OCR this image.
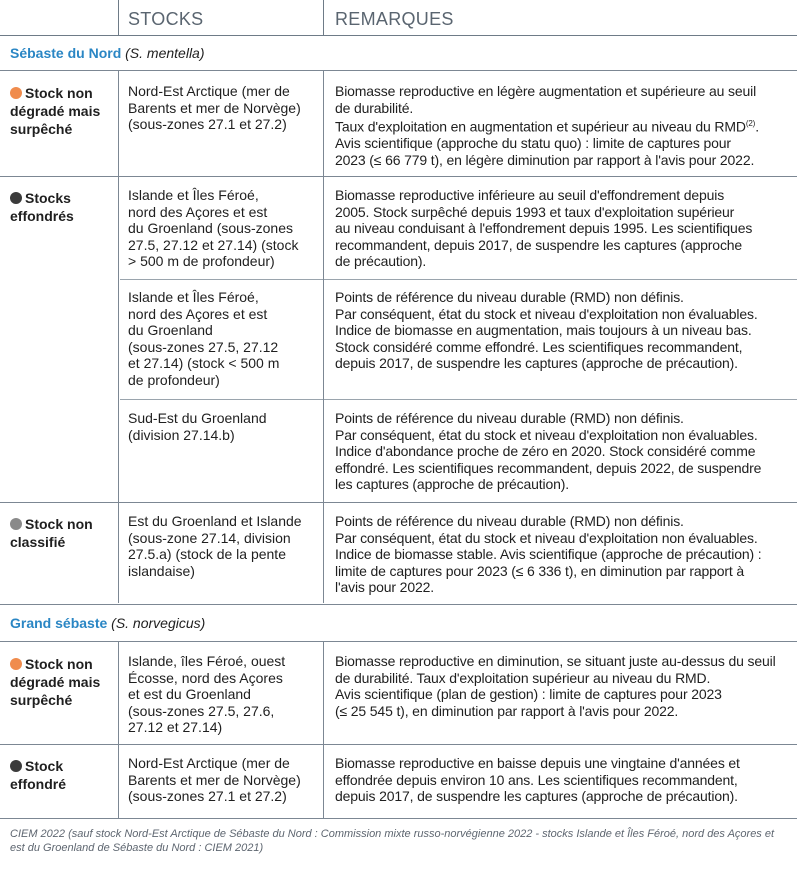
STOCKS	REMARQUES
Sébaste du Nord (S. mentella)
Stock non dégradé mais surpêché
Nord-Est Arctique (mer de
Barents et mer de Norvège)
(sous-zones 27.1 et 27.2)
Biomasse reproductive en légère augmentation et supérieure au seuil
de durabilité.
Taux d'exploitation en augmentation et supérieur au niveau du RMD$^{(2)}$.
Avis scientifique (approche du statu quo) : limite de captures pour
2023 (≤ 66 779 t), en légère diminution par rapport à l'avis pour 2022.
Stocks effondrés
Islande et Îles Féroé,
nord des Açores et est
du Groenland (sous-zones
27.5, 27.12 et 27.14) (stock
> 500 m de profondeur)
Biomasse reproductive inférieure au seuil d'effondrement depuis
2005. Stock surpêché depuis 1993 et taux d'exploitation supérieur
au niveau conduisant à l'effondrement depuis 1995. Les scientifiques
recommandent, depuis 2017, de suspendre les captures (approche
de précaution).
Islande et Îles Féroé,
nord des Açores et est
du Groenland
(sous-zones 27.5, 27.12
et 27.14) (stock < 500 m
de profondeur)
Points de référence du niveau durable (RMD) non définis.
Par conséquent, état du stock et niveau d'exploitation non évaluables.
Indice de biomasse en augmentation, mais toujours à un niveau bas.
Stock considéré comme effondré. Les scientifiques recommandent,
depuis 2017, de suspendre les captures (approche de précaution).
Sud-Est du Groenland
(division 27.14.b)
Points de référence du niveau durable (RMD) non définis.
Par conséquent, état du stock et niveau d'exploitation non évaluables.
Indice d'abondance proche de zéro en 2020. Stock considéré comme
effondré. Les scientifiques recommandent, depuis 2022, de suspendre
les captures (approche de précaution).
Stock non classifié
Est du Groenland et Islande
(sous-zone 27.14, division
27.5.a) (stock de la pente
islandaise)
Points de référence du niveau durable (RMD) non définis.
Par conséquent, état du stock et niveau d'exploitation non évaluables.
Indice de biomasse stable. Avis scientifique (approche de précaution) :
limite de captures pour 2023 (≤ 6 336 t), en diminution par rapport à
l'avis pour 2022.
Grand sébaste (S. norvegicus)
Stock non dégradé mais surpêché
Islande, îles Féroé, ouest
Écosse, nord des Açores
et est du Groenland
(sous-zones 27.5, 27.6,
27.12 et 27.14)
Biomasse reproductive en diminution, se situant juste au-dessus du seuil
de durabilité. Taux d'exploitation supérieur au niveau du RMD.
Avis scientifique (plan de gestion) : limite de captures pour 2023
(≤ 25 545 t), en diminution par rapport à l'avis pour 2022.
Stock effondré
Nord-Est Arctique (mer de
Barents et mer de Norvège)
(sous-zones 27.1 et 27.2)
Biomasse reproductive en baisse depuis une vingtaine d'années et
effondrée depuis environ 10 ans. Les scientifiques recommandent,
depuis 2017, de suspendre les captures (approche de précaution).
CIEM 2022 (sauf stock Nord-Est Arctique de Sébaste du Nord : Commission mixte russo-norvégienne 2022 - stocks Islande et Îles Féroé, nord des Açores et est du Groenland de Sébaste du Nord : CIEM 2021)
